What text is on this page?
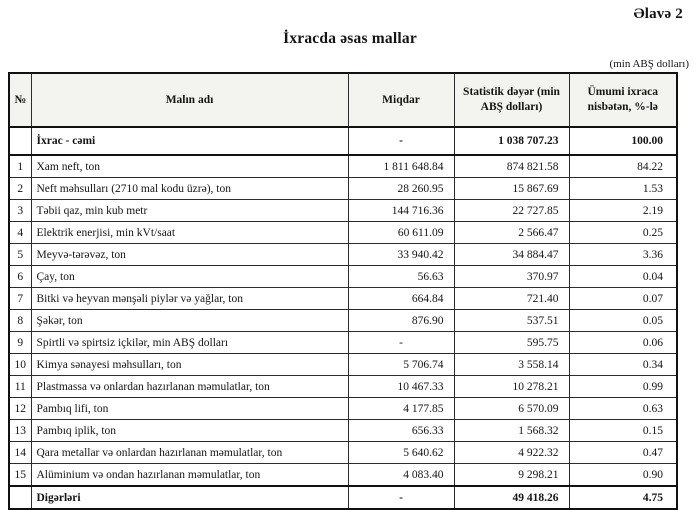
Əlavə 2
İxracda əsas mallar
(min ABŞ dolları)
№	Malın adı	Miqdar	Statistik dəyər (min ABŞ dolları)	Ümumi ixraca nisbətən, %-lə
	İxrac - cəmi	-	1 038 707.23	100.00
1	Xam neft, ton	1 811 648.84	874 821.58	84.22
2	Neft məhsulları (2710 mal kodu üzrə), ton	28 260.95	15 867.69	1.53
3	Təbii qaz, min kub metr	144 716.36	22 727.85	2.19
4	Elektrik enerjisi, min kVt/saat	60 611.09	2 566.47	0.25
5	Meyvə-tərəvəz, ton	33 940.42	34 884.47	3.36
6	Çay, ton	56.63	370.97	0.04
7	Bitki və heyvan mənşəli piylər və yağlar, ton	664.84	721.40	0.07
8	Şəkər, ton	876.90	537.51	0.05
9	Spirtli və spirtsiz içkilər, min ABŞ dolları	-	595.75	0.06
10	Kimya sənayesi məhsulları, ton	5 706.74	3 558.14	0.34
11	Plastmassa və onlardan hazırlanan məmulatlar, ton	10 467.33	10 278.21	0.99
12	Pambıq lifi, ton	4 177.85	6 570.09	0.63
13	Pambıq iplik, ton	656.33	1 568.32	0.15
14	Qara metallar və onlardan hazırlanan məmulatlar, ton	5 640.62	4 922.32	0.47
15	Alüminium və ondan hazırlanan məmulatlar, ton	4 083.40	9 298.21	0.90
	Digərləri	-	49 418.26	4.75
